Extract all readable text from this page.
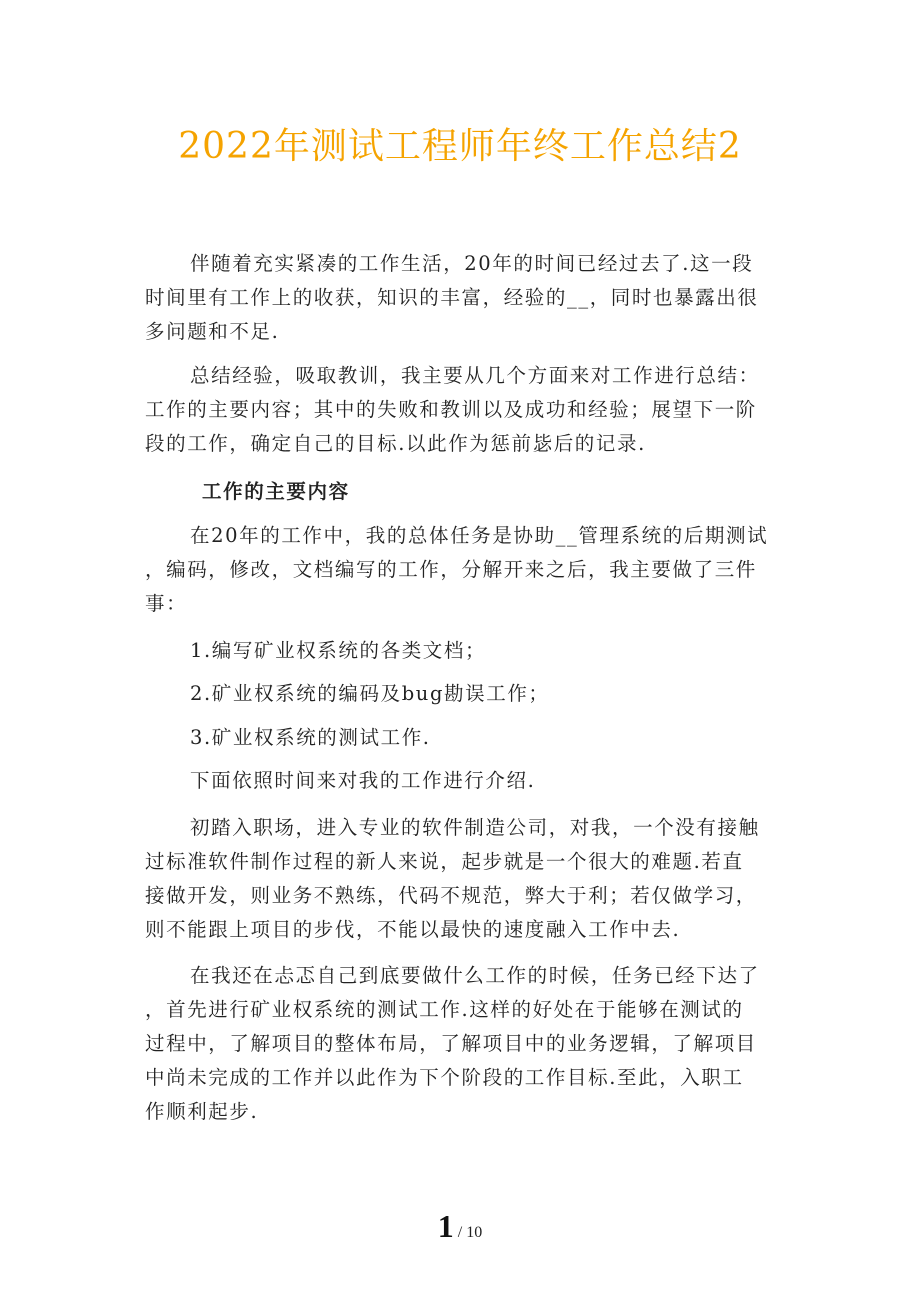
2022年测试工程师年终工作总结2
伴随着充实紧凑的工作生活，20年的时间已经过去了.这一段
时间里有工作上的收获，知识的丰富，经验的__，同时也暴露出很
多问题和不足.
总结经验，吸取教训，我主要从几个方面来对工作进行总结：
工作的主要内容；其中的失败和教训以及成功和经验；展望下一阶
段的工作，确定自己的目标.以此作为惩前毖后的记录.
工作的主要内容
在20年的工作中，我的总体任务是协助__管理系统的后期测试
，编码，修改，文档编写的工作，分解开来之后，我主要做了三件
事：
1.编写矿业权系统的各类文档；
2.矿业权系统的编码及bug勘误工作；
3.矿业权系统的测试工作.
下面依照时间来对我的工作进行介绍.
初踏入职场，进入专业的软件制造公司，对我，一个没有接触
过标准软件制作过程的新人来说，起步就是一个很大的难题.若直
接做开发，则业务不熟练，代码不规范，弊大于利；若仅做学习，
则不能跟上项目的步伐，不能以最快的速度融入工作中去.
在我还在忐忑自己到底要做什么工作的时候，任务已经下达了
，首先进行矿业权系统的测试工作.这样的好处在于能够在测试的
过程中，了解项目的整体布局，了解项目中的业务逻辑，了解项目
中尚未完成的工作并以此作为下个阶段的工作目标.至此，入职工
作顺利起步.
1 / 10
